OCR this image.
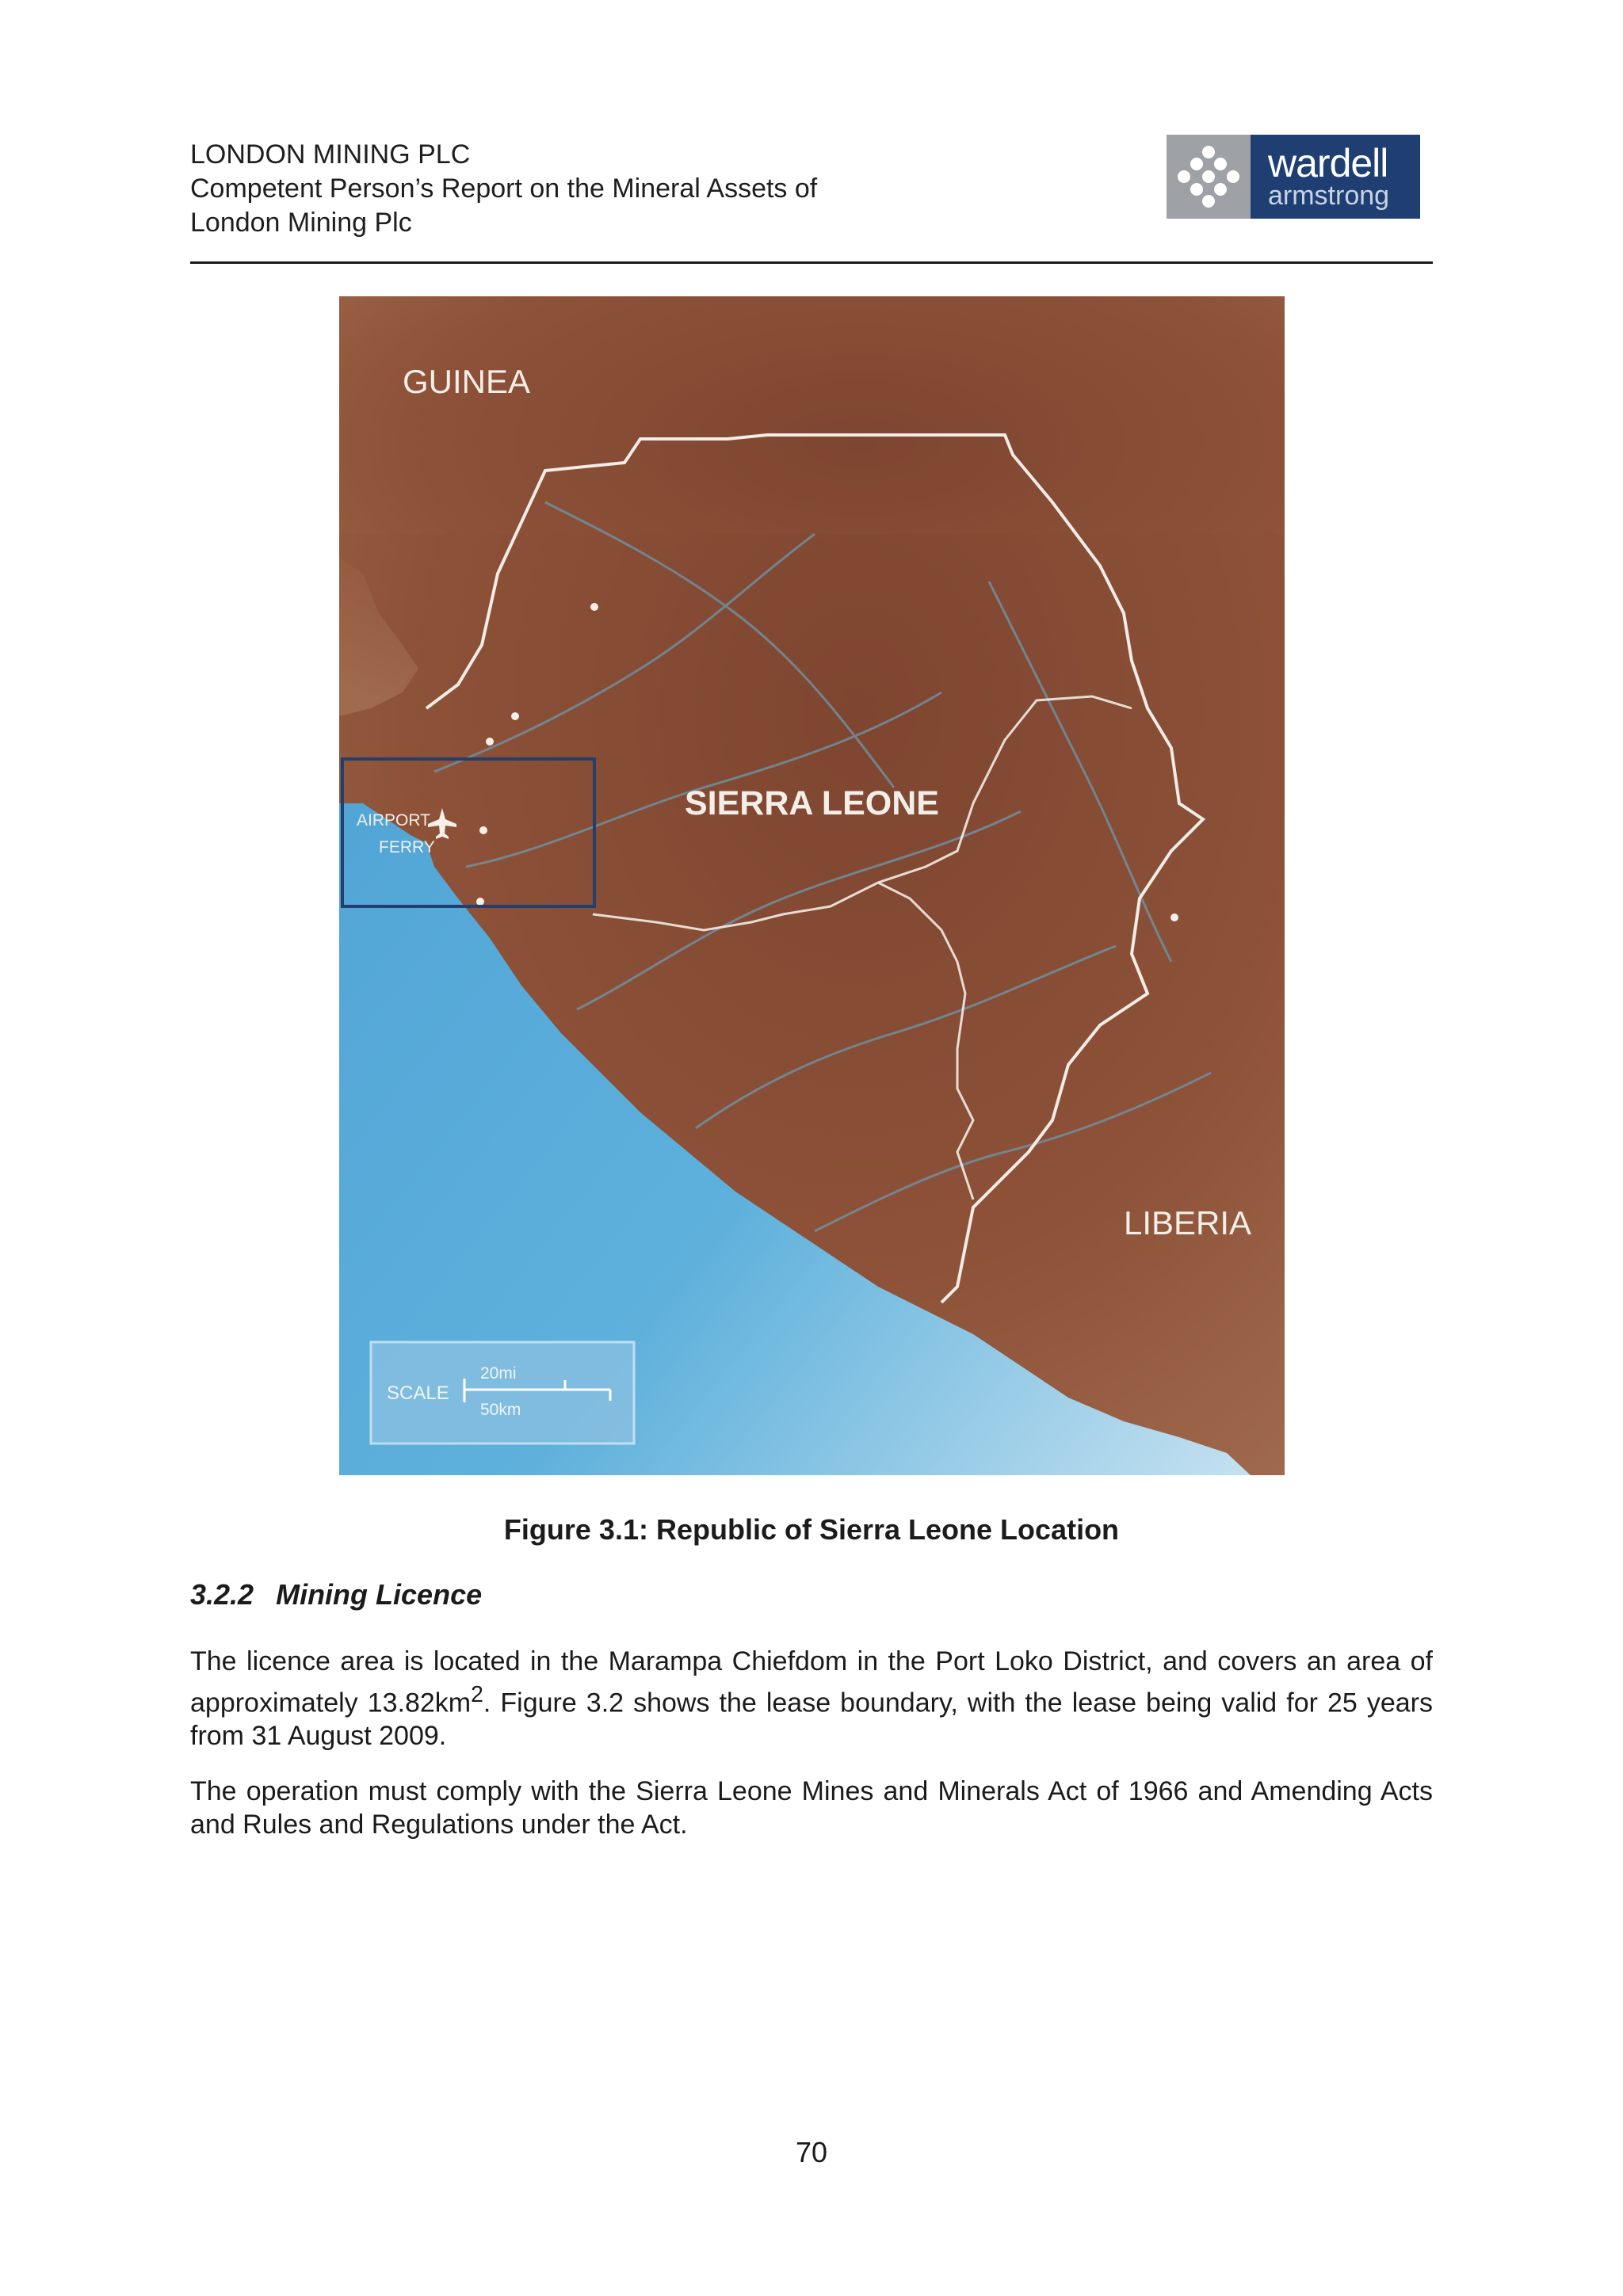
LONDON MINING PLC
Competent Person’s Report on the Mineral Assets of
London Mining Plc
wardell
armstrong
AIRPORT
FERRY
GUINEA
SIERRA LEONE
LIBERIA
SCALE
20mi
50km
Figure 3.1: Republic of Sierra Leone Location
3.2.2 Mining Licence
The licence area is located in the Marampa Chiefdom in the Port Loko District, and covers an area of approximately $13.82km^2$. Figure 3.2 shows the lease boundary, with the lease being valid for 25 years from 31 August 2009.
The operation must comply with the Sierra Leone Mines and Minerals Act of 1966 and Amending Acts and Rules and Regulations under the Act.
70
